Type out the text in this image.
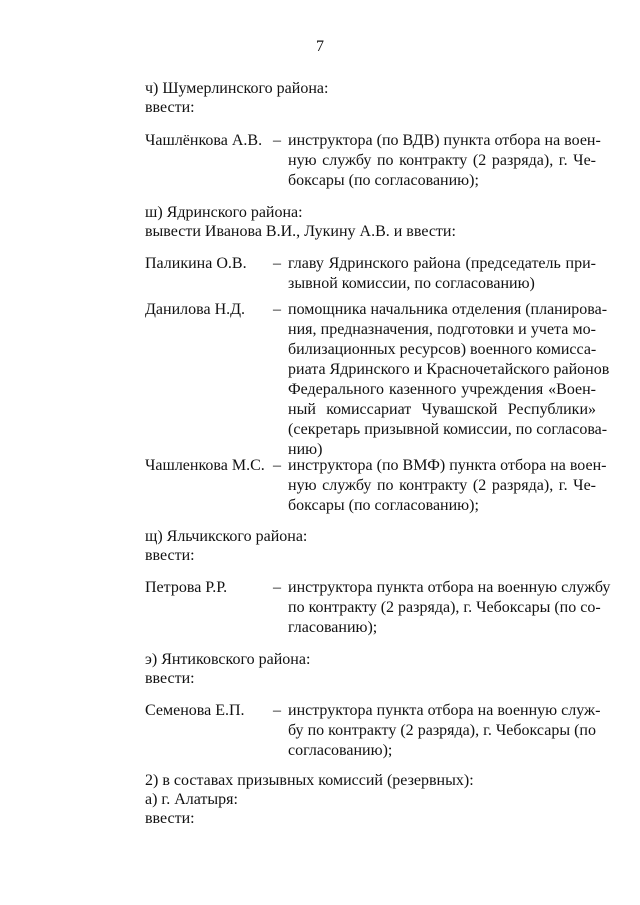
7
ч) Шумерлинского района:
ввести:
Чашлёнкова А.В. – инструктора (по ВДВ) пункта отбора на воен-
ную службу по контракту (2 разряда), г. Че-
боксары (по согласованию);
ш) Ядринского района:
вывести Иванова В.И., Лукину А.В. и ввести:
Паликина О.В. – главу Ядринского района (председатель при-
зывной комиссии, по согласованию)
Данилова Н.Д. – помощника начальника отделения (планирова-
ния, предназначения, подготовки и учета мо-
билизационных ресурсов) военного комисса-
риата Ядринского и Красночетайского районов
Федерального казенного учреждения «Воен-
ный комиссариат Чувашской Республики»
(секретарь призывной комиссии, по согласова-
нию)
Чашленкова М.С. – инструктора (по ВМФ) пункта отбора на воен-
ную службу по контракту (2 разряда), г. Че-
боксары (по согласованию);
щ) Яльчикского района:
ввести:
Петрова Р.Р.	– инструктора пункта отбора на военную службу
по контракту (2 разряда), г. Чебоксары (по со-
гласованию);
э) Янтиковского района:
ввести:
Семенова Е.П. – инструктора пункта отбора на военную служ-
бу по контракту (2 разряда), г. Чебоксары (по
согласованию);
2) в составах призывных комиссий (резервных):
а) г. Алатыря:
ввести:
